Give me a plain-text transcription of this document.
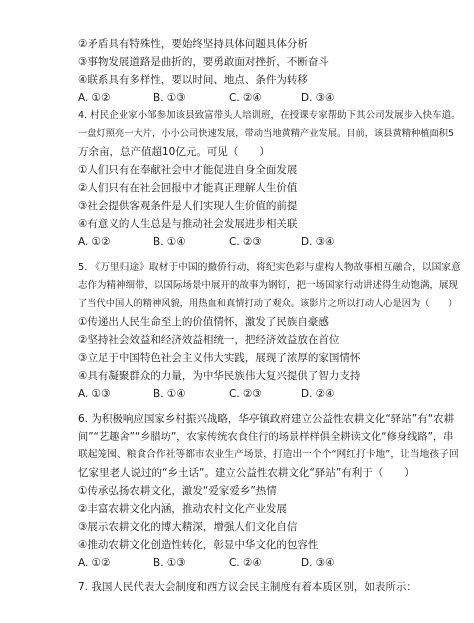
②矛盾具有特殊性，要始终坚持具体问题具体分析
③事物发展道路是曲折的，要勇敢面对挫折，不断奋斗
④联系具有多样性，要以时间、地点、条件为转移
A. ①②	B. ①③	C. ②④	D. ③④
4. 村民企业家小邹参加该县致富带头人培训班，在授课专家帮助下其公司发展步入快车道。
一盘灯照亮一大片，小小公司快速发展，带动当地黄精产业发展。目前，该县黄精种植面积5
万余亩，总产值超10亿元。可见（　　）
①人们只有在奉献社会中才能促进自身全面发展
②人们只有在社会回报中才能真正理解人生价值
③社会提供客观条件是人们实现人生价值的前提
④有意义的人生总是与推动社会发展进步相关联
A. ①②	B. ①④	C. ②③	D. ③④
5. 《万里归途》取材于中国的撤侨行动，将纪实色彩与虚构人物故事相互融合，以国家意
志作为精神细带，以国际场景中展开的故事为钢钉，把一场国家行动讲述得生动饱满，展现
了当代中国人的精神风貌，用热血和真情打动了观众。该影片之所以打动人心是因为（　　）
①传递出人民生命至上的价值情怀，激发了民族自豪感
②坚持社会效益和经济效益相统一，把经济效益放在首位
③立足于中国特色社会主义伟大实践，展现了浓厚的家国情怀
④具有凝聚群众的力量，为中华民族伟大复兴提供了智力支持
A. ①③	B. ①④	C. ②③	D. ②④
6. 为积极响应国家乡村振兴战略，华亭镇政府建立公益性农耕文化“驿站”有“农耕
间”“艺趣舍”“乡腊坊”，农家传统农食住行的场景样样俱全耕读文化“修身线路”，串
联起笼囤、粮食合作社等都市农业生产场景，打造出一个个“网红打卡地”，让当地孩子回
忆家里老人说过的“乡土话”。建立公益性农耕文化“驿站”有利于（　　）
①传承弘扬农耕文化，激发“爱家爱乡”热情
②丰富农耕文化内涵，推动农村文化产业发展
③展示农耕文化的博大精深，增强人们文化自信
④推动农耕文化创造性转化，彰显中华文化的包容性
A. ①②	B. ①③	C. ②④	D. ③④
7. 我国人民代表大会制度和西方议会民主制度有着本质区别，如表所示：
